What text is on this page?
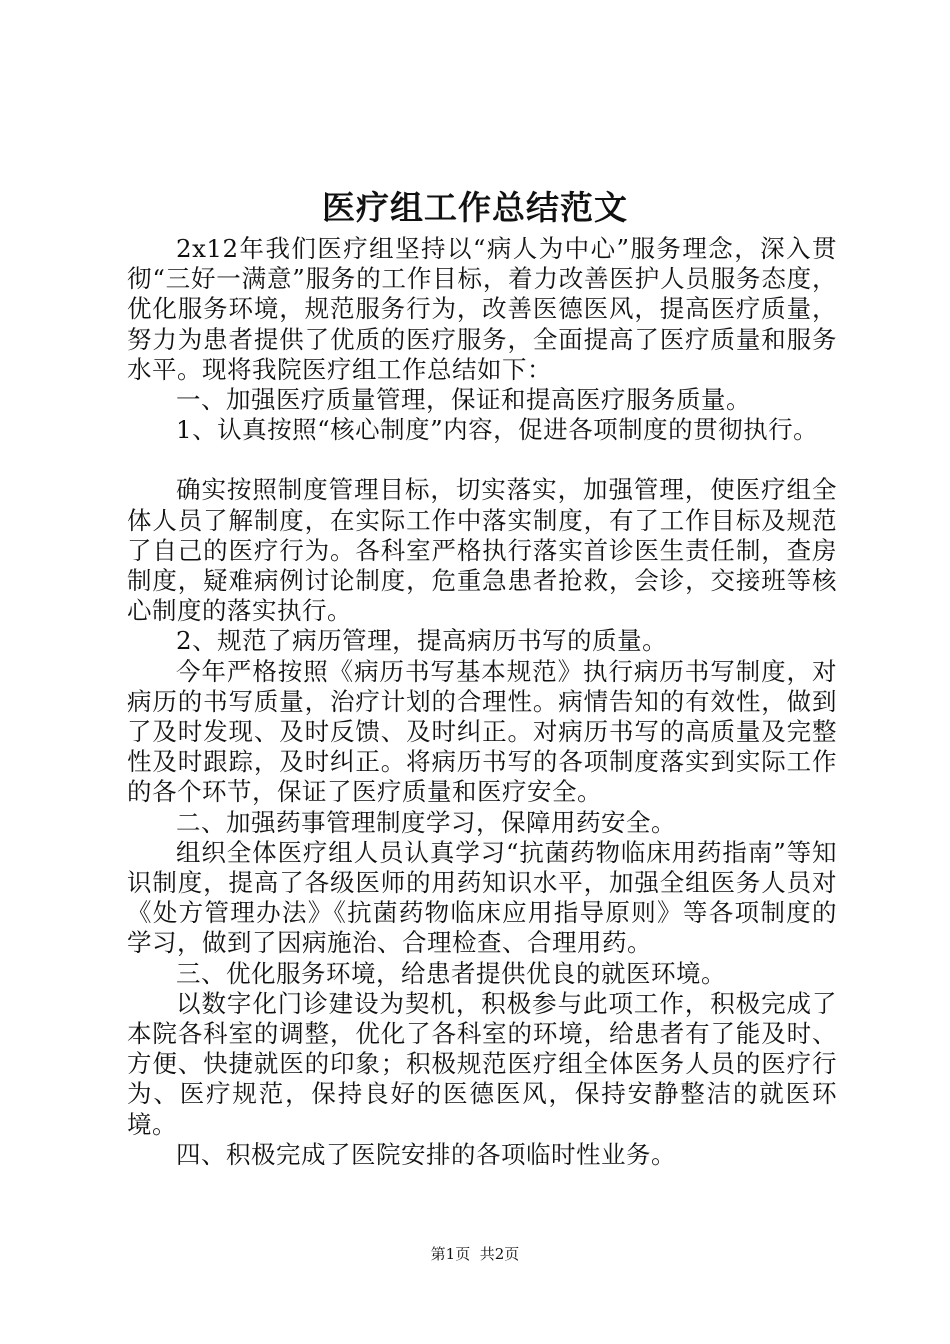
医疗组工作总结范文

2x12年我们医疗组坚持以“病人为中心”服务理念，深入贯彻“三好一满意”服务的工作目标，着力改善医护人员服务态度，优化服务环境，规范服务行为，改善医德医风，提高医疗质量，努力为患者提供了优质的医疗服务，全面提高了医疗质量和服务水平。现将我院医疗组工作总结如下：

一、加强医疗质量管理，保证和提高医疗服务质量。

1、认真按照“核心制度”内容，促进各项制度的贯彻执行。

确实按照制度管理目标，切实落实，加强管理，使医疗组全体人员了解制度，在实际工作中落实制度，有了工作目标及规范了自己的医疗行为。各科室严格执行落实首诊医生责任制，查房制度，疑难病例讨论制度，危重急患者抢救，会诊，交接班等核心制度的落实执行。

2、规范了病历管理，提高病历书写的质量。

今年严格按照《病历书写基本规范》执行病历书写制度，对病历的书写质量，治疗计划的合理性。病情告知的有效性，做到了及时发现、及时反馈、及时纠正。对病历书写的高质量及完整性及时跟踪，及时纠正。将病历书写的各项制度落实到实际工作的各个环节，保证了医疗质量和医疗安全。

二、加强药事管理制度学习，保障用药安全。

组织全体医疗组人员认真学习“抗菌药物临床用药指南”等知识制度，提高了各级医师的用药知识水平，加强全组医务人员对《处方管理办法》《抗菌药物临床应用指导原则》等各项制度的学习，做到了因病施治、合理检查、合理用药。

三、优化服务环境，给患者提供优良的就医环境。

以数字化门诊建设为契机，积极参与此项工作，积极完成了本院各科室的调整，优化了各科室的环境，给患者有了能及时、方便、快捷就医的印象；积极规范医疗组全体医务人员的医疗行为、医疗规范，保持良好的医德医风，保持安静整洁的就医环境。

四、积极完成了医院安排的各项临时性业务。

第1页 共2页
